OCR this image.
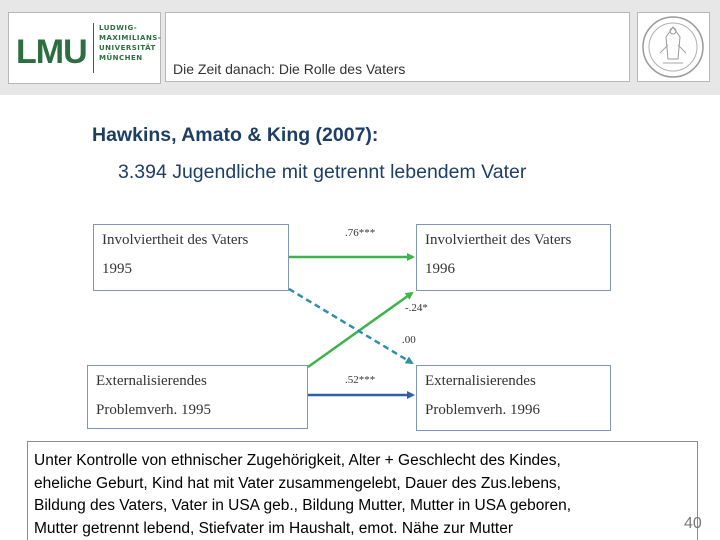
LMU
LUDWIG-
MAXIMILIANS-
UNIVERSITÄT
MÜNCHEN
Die Zeit danach: Die Rolle des Vaters
Hawkins, Amato & King (2007):
3.394 Jugendliche mit getrennt lebendem Vater
Involviertheit des Vaters
1995
Involviertheit des Vaters
1996
Externalisierendes
Problemverh. 1995
Externalisierendes
Problemverh. 1996
.76***
-.24*
.00
.52***
Unter Kontrolle von ethnischer Zugehörigkeit, Alter + Geschlecht des Kindes,
eheliche Geburt, Kind hat mit Vater zusammengelebt, Dauer des Zus.lebens,
Bildung des Vaters, Vater in USA geb., Bildung Mutter, Mutter in USA geboren,
Mutter getrennt lebend, Stiefvater im Haushalt, emot. Nähe zur Mutter	40
